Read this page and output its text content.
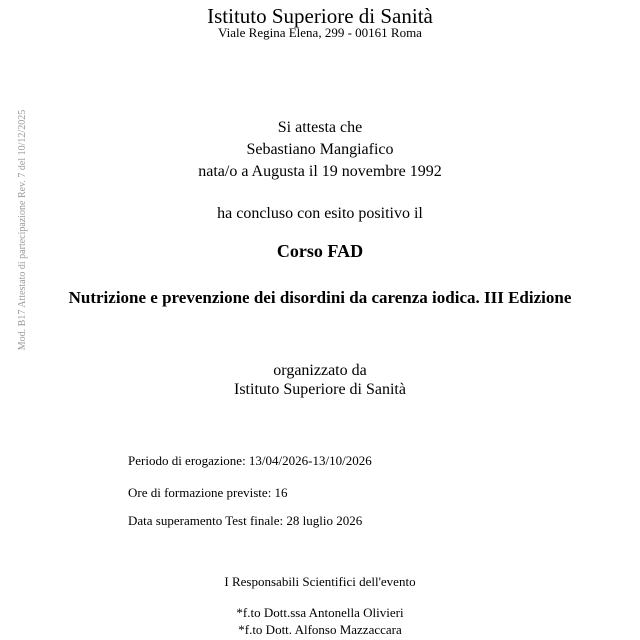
Istituto Superiore di Sanità
Viale Regina Elena, 299 - 00161 Roma
Mod. B17 Attestato di partecipazione Rev. 7 del 10/12/2025	Si attesta che
Sebastiano Mangiafico
nata/o a Augusta il 19 novembre 1992
ha concluso con esito positivo il
Corso FAD
Nutrizione e prevenzione dei disordini da carenza iodica. III Edizione
organizzato da
Istituto Superiore di Sanità
Periodo di erogazione: 13/04/2026-13/10/2026
Ore di formazione previste: 16
Data superamento Test finale: 28 luglio 2026
I Responsabili Scientifici dell'evento
*f.to Dott.ssa Antonella Olivieri
*f.to Dott. Alfonso Mazzaccara
